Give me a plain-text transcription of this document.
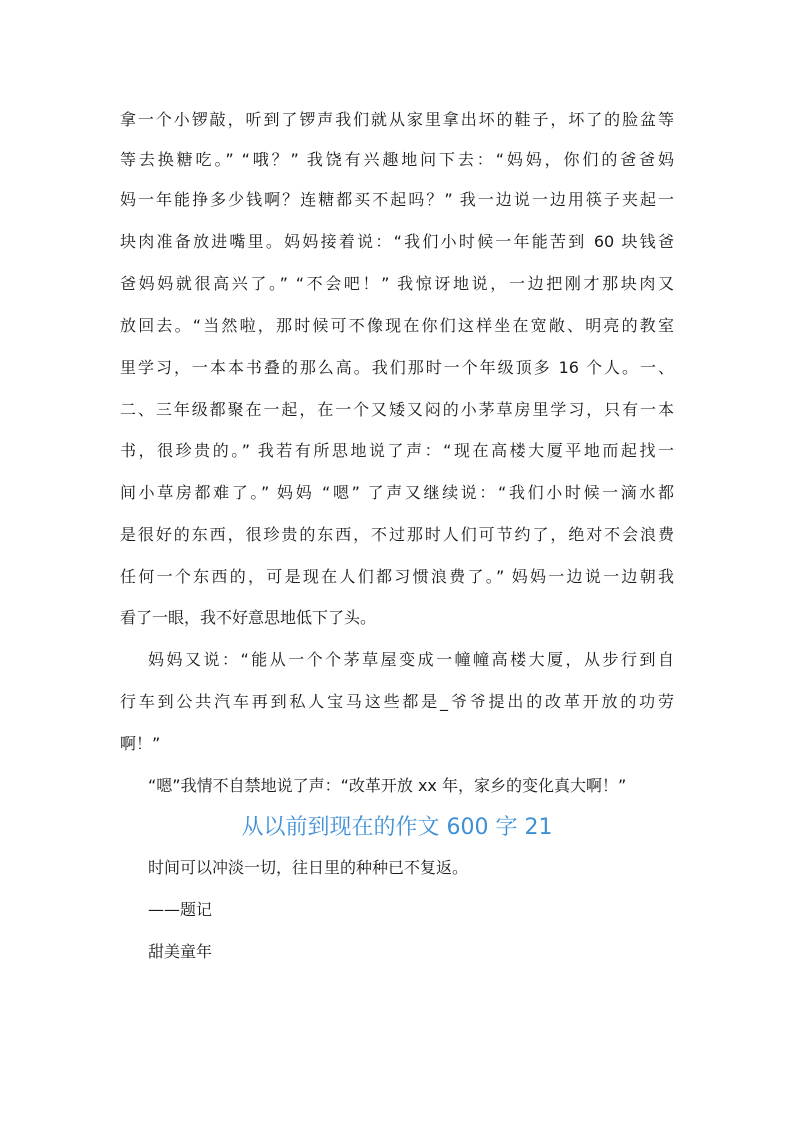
拿一个小锣敲，听到了锣声我们就从家里拿出坏的鞋子，坏了的脸盆等
等去换糖吃。” “哦？” 我饶有兴趣地问下去：“妈妈，你们的爸爸妈
妈一年能挣多少钱啊？连糖都买不起吗？” 我一边说一边用筷子夹起一
块肉准备放进嘴里。妈妈接着说：“我们小时候一年能苦到 60 块钱爸
爸妈妈就很高兴了。” “不会吧！” 我惊讶地说，一边把刚才那块肉又
放回去。“当然啦，那时候可不像现在你们这样坐在宽敞、明亮的教室
里学习，一本本书叠的那么高。我们那时一个年级顶多 16 个人。一、
二、三年级都聚在一起，在一个又矮又闷的小茅草房里学习，只有一本
书，很珍贵的。” 我若有所思地说了声：“现在高楼大厦平地而起找一
间小草房都难了。” 妈妈 “嗯” 了声又继续说：“我们小时候一滴水都
是很好的东西，很珍贵的东西，不过那时人们可节约了，绝对不会浪费
任何一个东西的，可是现在人们都习惯浪费了。” 妈妈一边说一边朝我
看了一眼，我不好意思地低下了头。
妈妈又说：“能从一个个茅草屋变成一幢幢高楼大厦，从步行到自
行车到公共汽车再到私人宝马这些都是_爷爷提出的改革开放的功劳
啊！”
“嗯”我情不自禁地说了声：“改革开放 xx 年，家乡的变化真大啊！”
从以前到现在的作文 600 字 21
时间可以冲淡一切，往日里的种种已不复返。
——题记
甜美童年
